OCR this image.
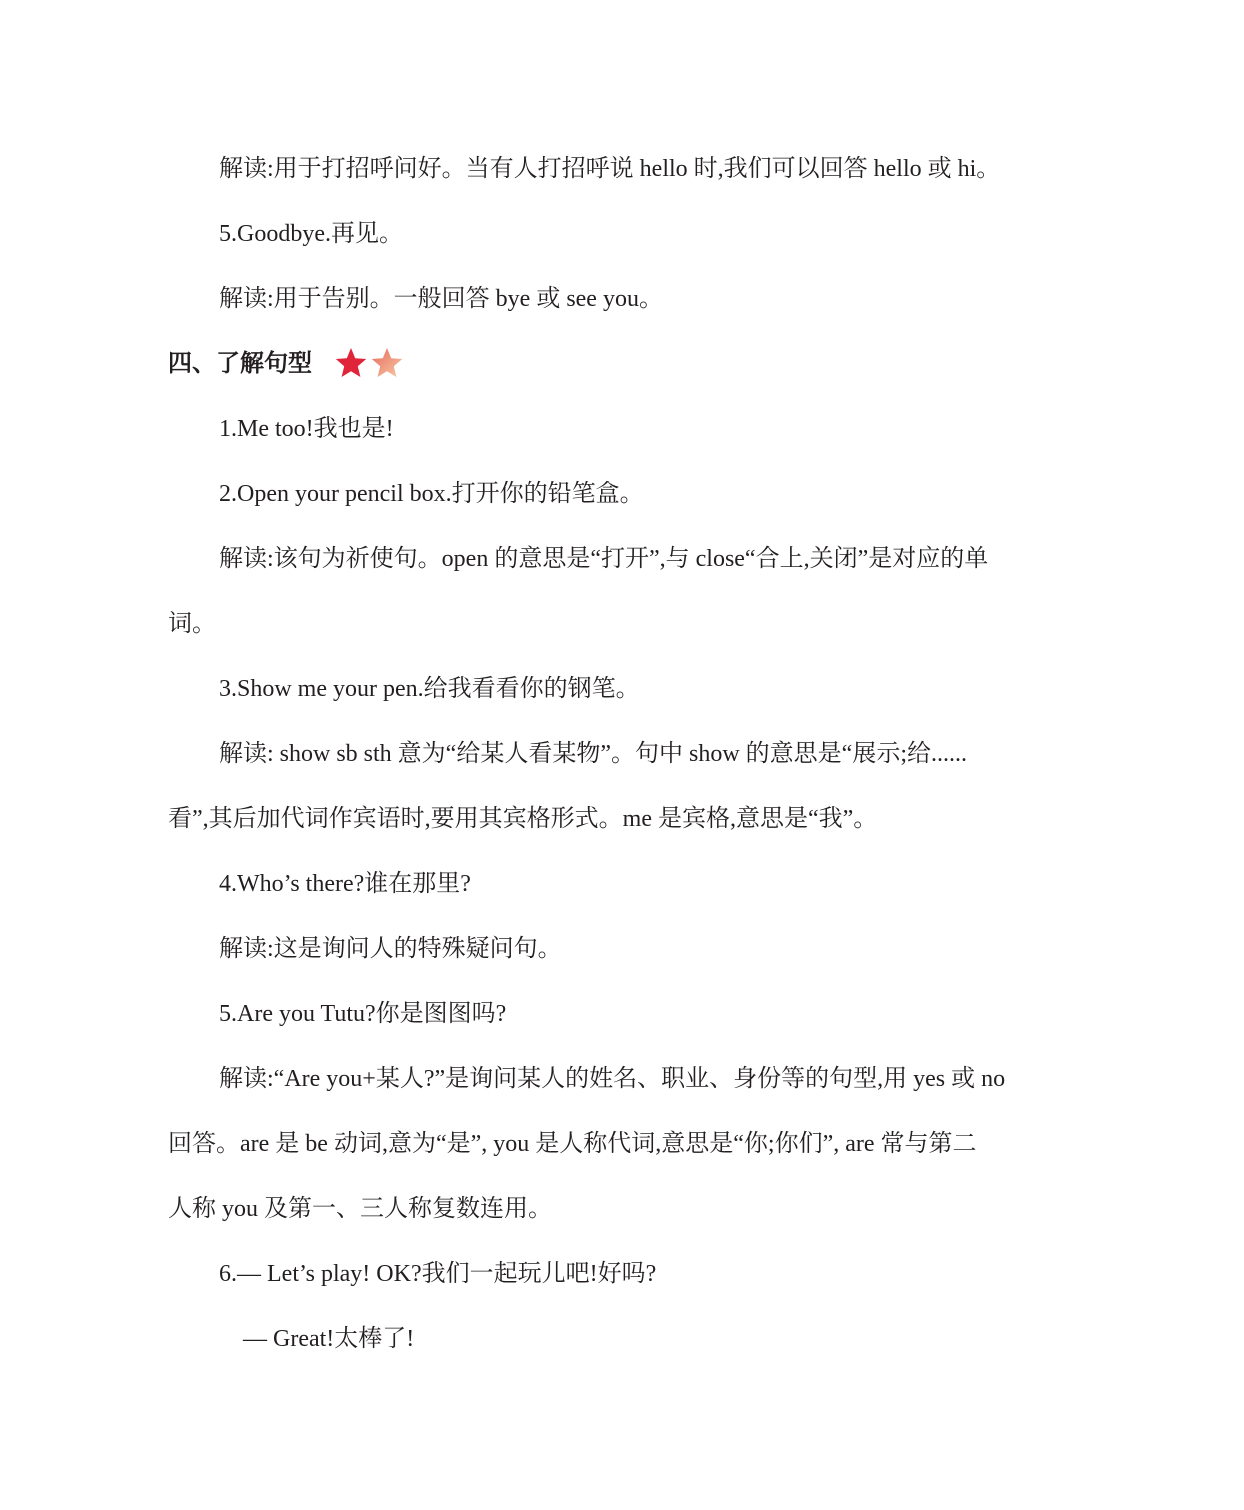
解读:用于打招呼问好。当有人打招呼说 hello 时,我们可以回答 hello 或 hi。
5.Goodbye.再见。
解读:用于告别。一般回答 bye 或 see you。
四、了解句型
1.Me too!我也是!
2.Open your pencil box.打开你的铅笔盒。
解读:该句为祈使句。open 的意思是“打开”,与 close“合上,关闭”是对应的单
词。
3.Show me your pen.给我看看你的钢笔。
解读: show sb sth 意为“给某人看某物”。句中 show 的意思是“展示;给......
看”,其后加代词作宾语时,要用其宾格形式。me 是宾格,意思是“我”。
4.Who’s there?谁在那里?
解读:这是询问人的特殊疑问句。
5.Are you Tutu?你是图图吗?
解读:“Are you+某人?”是询问某人的姓名、职业、身份等的句型,用 yes 或 no
回答。are 是 be 动词,意为“是”, you 是人称代词,意思是“你;你们”, are 常与第二
人称 you 及第一、三人称复数连用。
6.— Let’s play! OK?我们一起玩儿吧!好吗?
— Great!太棒了!
